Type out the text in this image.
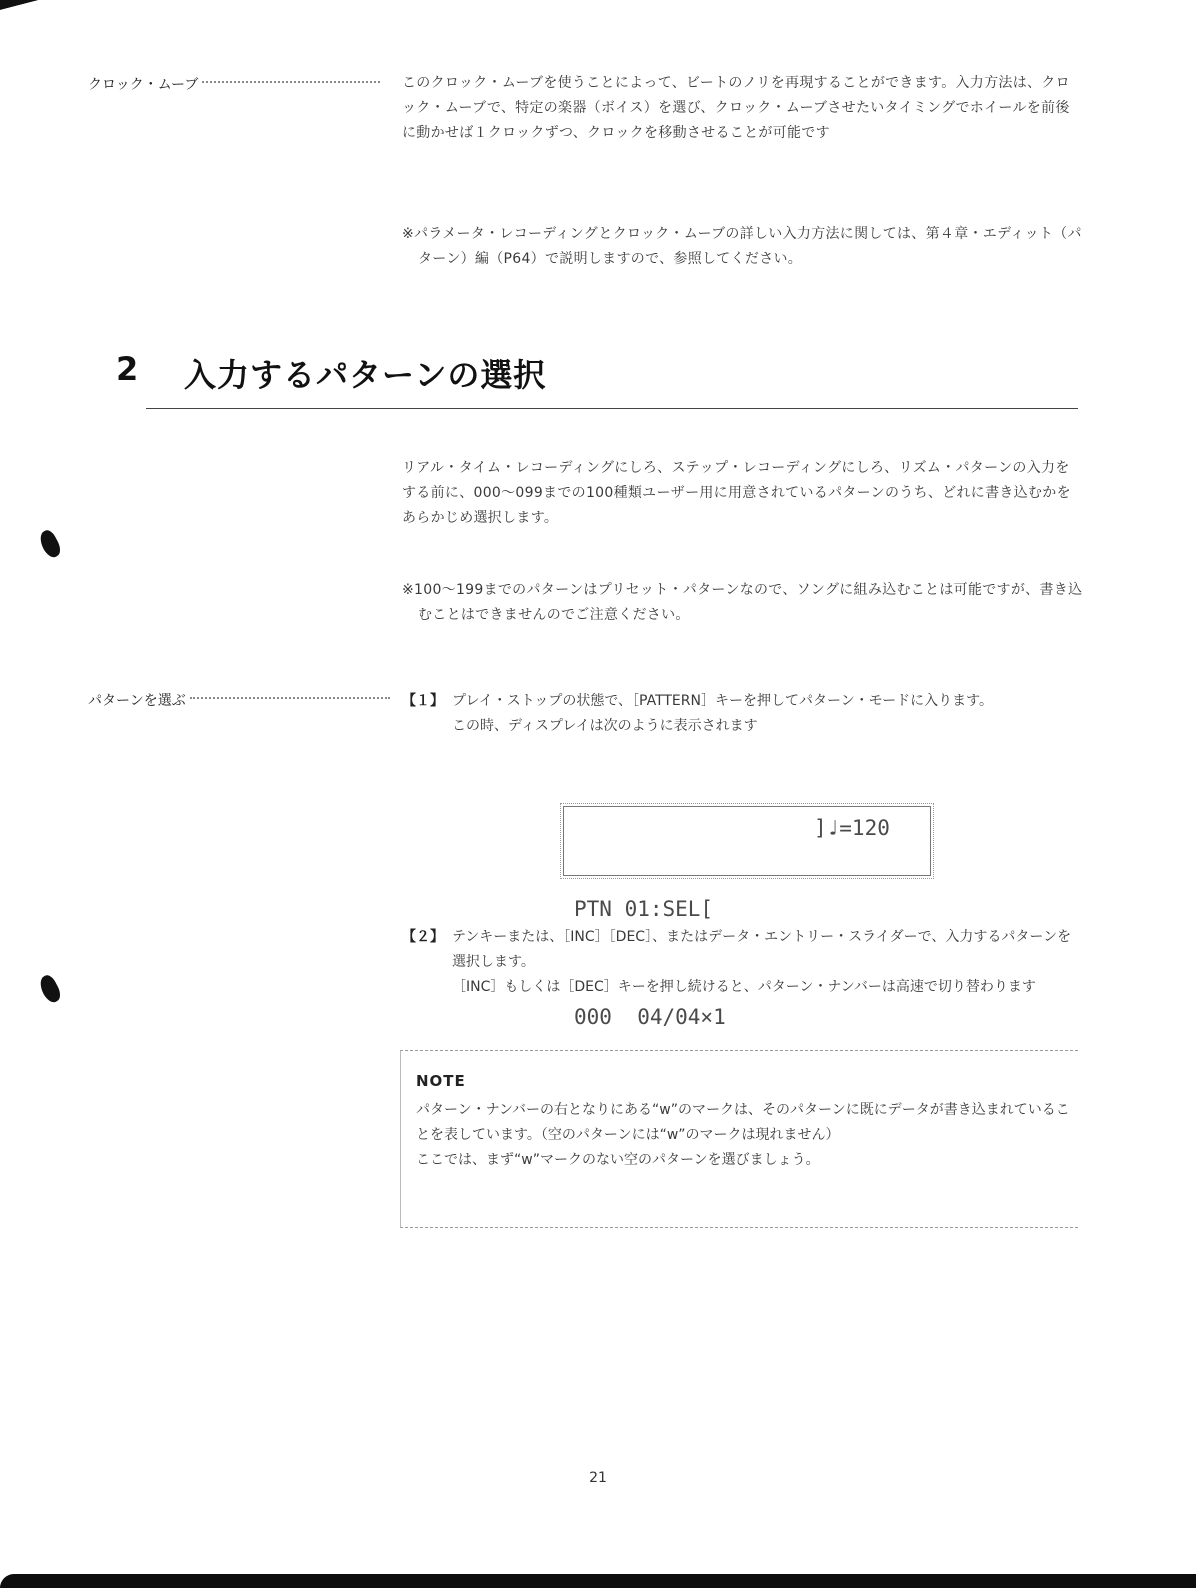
クロック・ムーブ	このクロック・ムーブを使うことによって、ビートのノリを再現することができます。入力方法は、クロック・ムーブで、特定の楽器（ボイス）を選び、クロック・ムーブさせたいタイミングでホイールを前後に動かせば１クロックずつ、クロックを移動させることが可能です
※パラメータ・レコーディングとクロック・ムーブの詳しい入力方法に関しては、第４章・エディット（パターン）編（P64）で説明しますので、参照してください。
2 入力するパターンの選択
リアル・タイム・レコーディングにしろ、ステップ・レコーディングにしろ、リズム・パターンの入力をする前に、000〜099までの100種類ユーザー用に用意されているパターンのうち、どれに書き込むかをあらかじめ選択します。
※100〜199までのパターンはプリセット・パターンなので、ソングに組み込むことは可能ですが、書き込むことはできませんのでご注意ください。
パターンを選ぶ	【１】 プレイ・ストップの状態で、［PATTERN］キーを押してパターン・モードに入ります。
この時、ディスプレイは次のように表示されます

PTN 01:SEL[

]♩=120

000  04/04×1

【２】 テンキーまたは、［INC］［DEC］、またはデータ・エントリー・スライダーで、入力するパターンを選択します。
［INC］もしくは［DEC］キーを押し続けると、パターン・ナンバーは高速で切り替わります
NOTE
パターン・ナンバーの右となりにある“w”のマークは、そのパターンに既にデータが書き込まれていることを表しています。（空のパターンには“w”のマークは現れません）
ここでは、まず“w”マークのない空のパターンを選びましょう。
21
